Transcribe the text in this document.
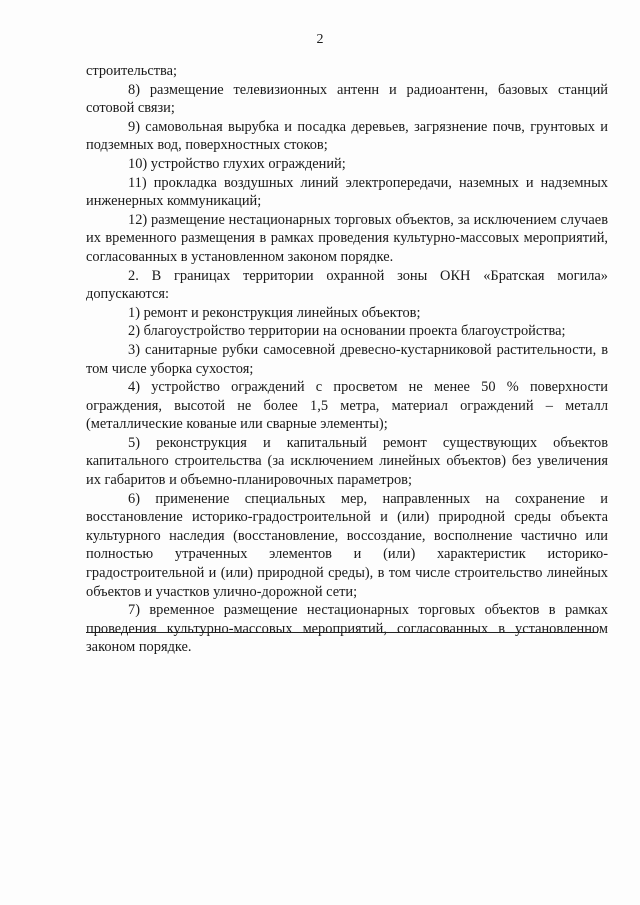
2

строительства;

8) размещение телевизионных антенн и радиоантенн, базовых станций сотовой связи;

9) самовольная вырубка и посадка деревьев, загрязнение почв, грунтовых и подземных вод, поверхностных стоков;

10) устройство глухих ограждений;

11) прокладка воздушных линий электропередачи, наземных и надземных инженерных коммуникаций;

12) размещение нестационарных торговых объектов, за исключением случаев их временного размещения в рамках проведения культурно-массовых мероприятий, согласованных в установленном законом порядке.

2. В границах территории охранной зоны ОКН «Братская могила» допускаются:

1) ремонт и реконструкция линейных объектов;

2) благоустройство территории на основании проекта благоустройства;

3) санитарные рубки самосевной древесно-кустарниковой растительности, в том числе уборка сухостоя;

4) устройство ограждений с просветом не менее 50 % поверхности ограждения, высотой не более 1,5 метра, материал ограждений – металл (металлические кованые или сварные элементы);

5) реконструкция и капитальный ремонт существующих объектов капитального строительства (за исключением линейных объектов) без увеличения их габаритов и объемно-планировочных параметров;

6) применение специальных мер, направленных на сохранение и восстановление историко-градостроительной и (или) природной среды объекта культурного наследия (восстановление, воссоздание, восполнение частично или полностью утраченных элементов и (или) характеристик историко-градостроительной и (или) природной среды), в том числе строительство линейных объектов и участков улично-дорожной сети;

7) временное размещение нестационарных торговых объектов в рамках проведения культурно-массовых мероприятий, согласованных в установленном законом порядке.
